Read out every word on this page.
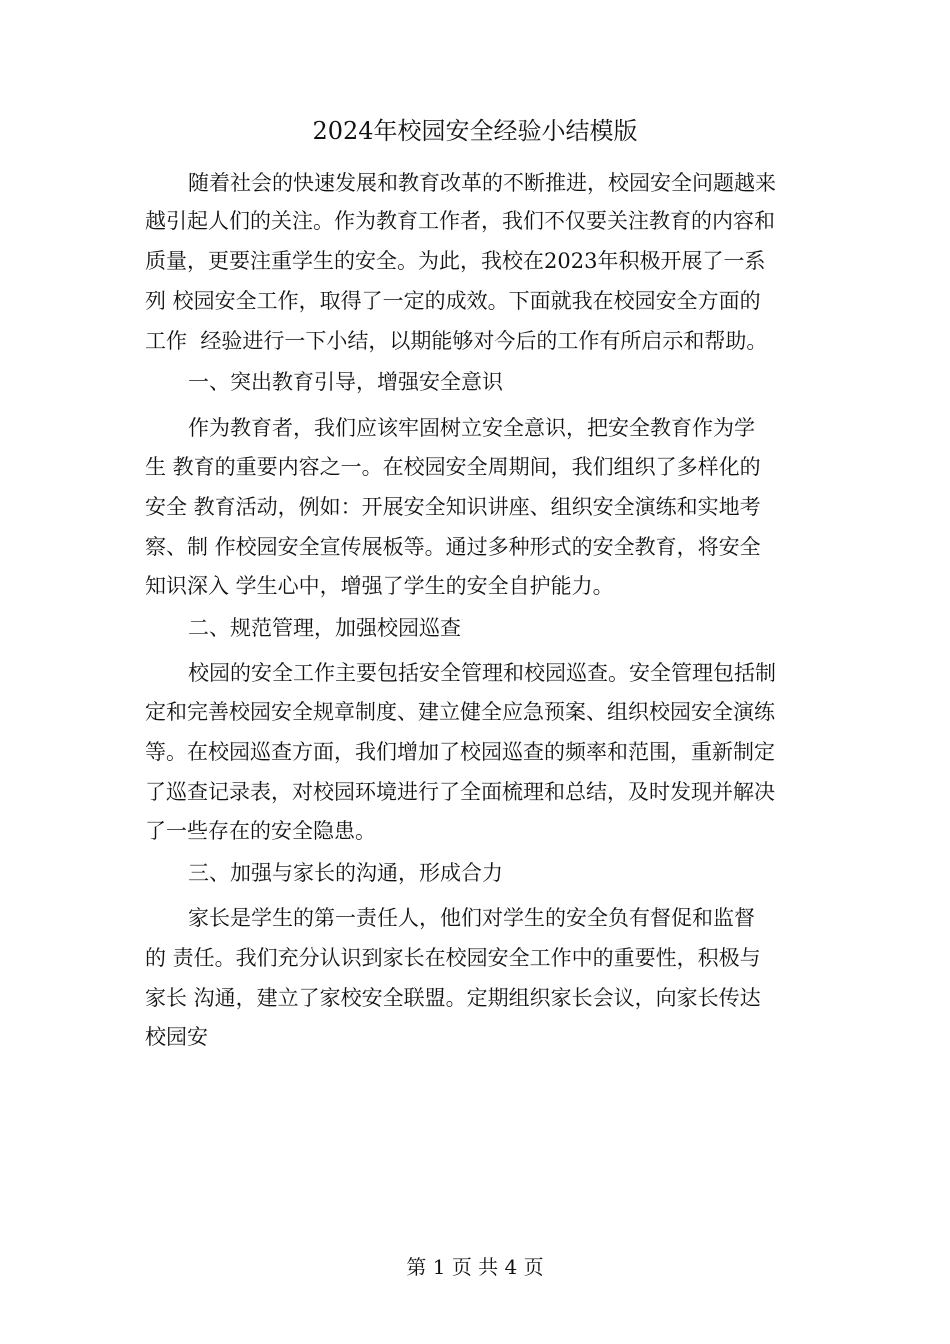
2024年校园安全经验小结模版
随着社会的快速发展和教育改革的不断推进，校园安全问题越来
越引起人们的关注。作为教育工作者，我们不仅要关注教育的内容和
质量，更要注重学生的安全。为此，我校在2023年积极开展了一系
列 校园安全工作，取得了一定的成效。下面就我在校园安全方面的
工作  经验进行一下小结，以期能够对今后的工作有所启示和帮助。
一、突出教育引导，增强安全意识
作为教育者，我们应该牢固树立安全意识，把安全教育作为学
生 教育的重要内容之一。在校园安全周期间，我们组织了多样化的
安全 教育活动，例如：开展安全知识讲座、组织安全演练和实地考
察、制 作校园安全宣传展板等。通过多种形式的安全教育，将安全
知识深入 学生心中，增强了学生的安全自护能力。
二、规范管理，加强校园巡查
校园的安全工作主要包括安全管理和校园巡查。安全管理包括制
定和完善校园安全规章制度、建立健全应急预案、组织校园安全演练
等。在校园巡查方面，我们增加了校园巡查的频率和范围，重新制定
了巡查记录表，对校园环境进行了全面梳理和总结，及时发现并解决
了一些存在的安全隐患。
三、加强与家长的沟通，形成合力
家长是学生的第一责任人，他们对学生的安全负有督促和监督
的 责任。我们充分认识到家长在校园安全工作中的重要性，积极与
家长 沟通，建立了家校安全联盟。定期组织家长会议，向家长传达
校园安
第 1 页 共 4 页
